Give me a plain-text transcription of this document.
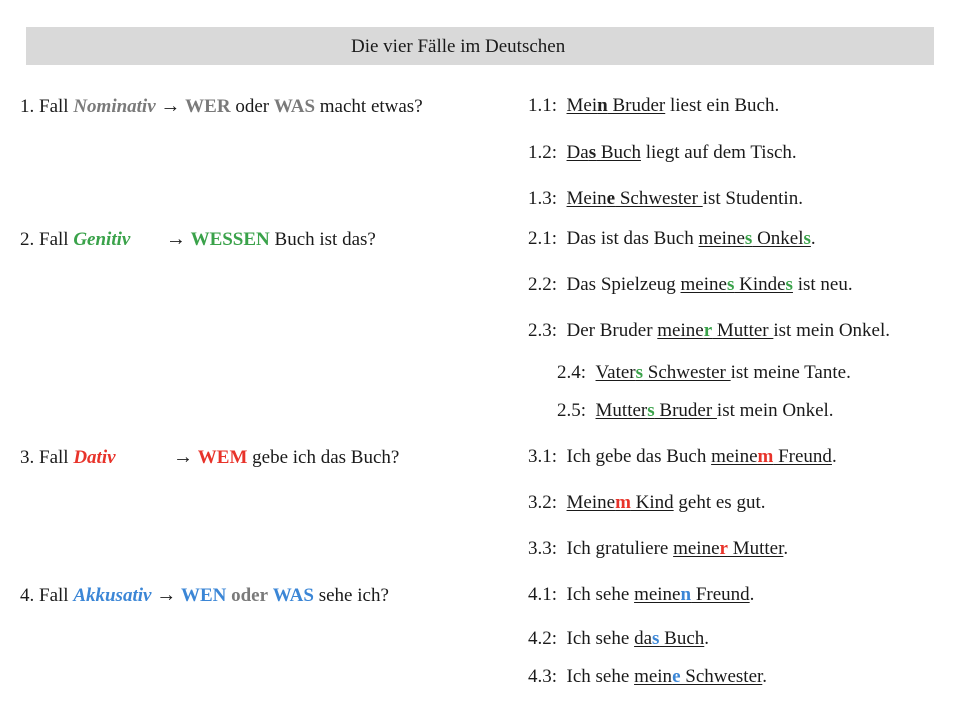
Die vier Fälle im Deutschen
1. Fall Nominativ → WER oder WAS macht etwas?
2. Fall Genitiv → WESSEN Buch ist das?
3. Fall Dativ	→ WEM gebe ich das Buch?
4. Fall Akkusativ → WEN oder WAS sehe ich?
1.1: Mein Bruder liest ein Buch.
1.2: Das Buch liegt auf dem Tisch.
1.3: Meine Schwester ist Studentin.
2.1: Das ist das Buch meines Onkels.
2.2: Das Spielzeug meines Kindes ist neu.
2.3: Der Bruder meiner Mutter ist mein Onkel.
2.4: Vaters Schwester ist meine Tante.
2.5: Mutters Bruder ist mein Onkel.
3.1: Ich gebe das Buch meinem Freund.
3.2: Meinem Kind geht es gut.
3.3: Ich gratuliere meiner Mutter.
4.1: Ich sehe meinen Freund.
4.2: Ich sehe das Buch.
4.3: Ich sehe meine Schwester.
